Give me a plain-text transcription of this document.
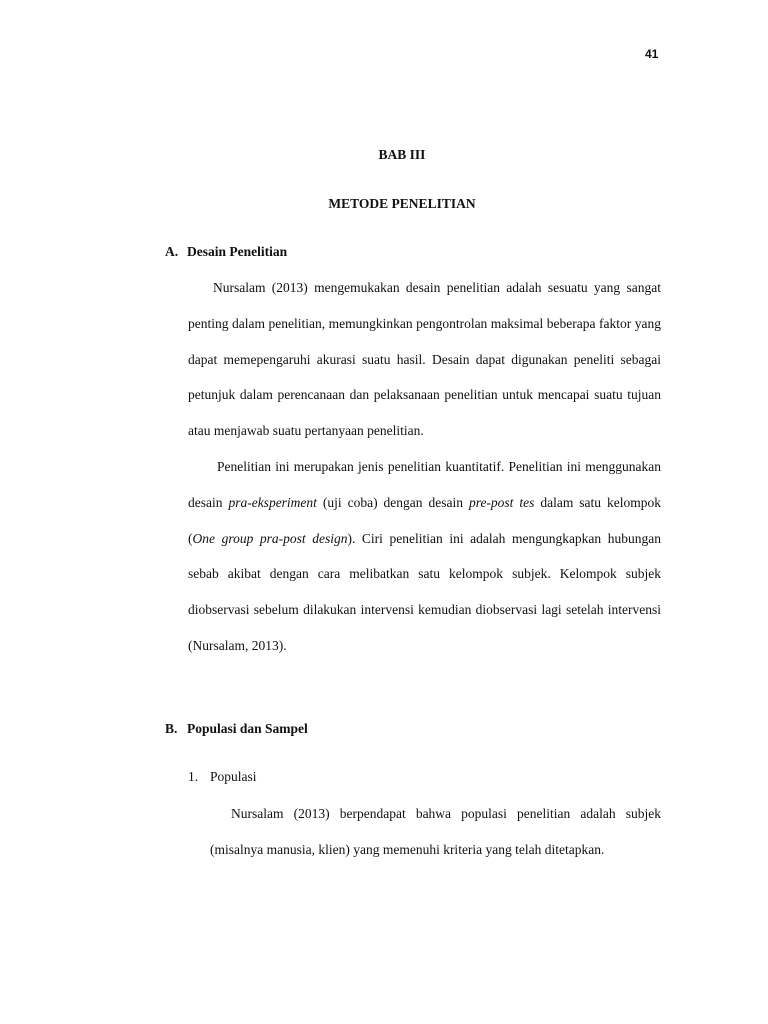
41
BAB III
METODE PENELITIAN
A. Desain Penelitian

Nursalam (2013) mengemukakan desain penelitian adalah sesuatu yang sangat penting dalam penelitian, memungkinkan pengontrolan maksimal beberapa faktor yang dapat memepengaruhi akurasi suatu hasil. Desain dapat digunakan peneliti sebagai petunjuk dalam perencanaan dan pelaksanaan penelitian untuk mencapai suatu tujuan atau menjawab suatu pertanyaan penelitian.

Penelitian ini merupakan jenis penelitian kuantitatif. Penelitian ini menggunakan desain pra-eksperiment (uji coba) dengan desain pre-post tes dalam satu kelompok (One group pra-post design). Ciri penelitian ini adalah mengungkapkan hubungan sebab akibat dengan cara melibatkan satu kelompok subjek. Kelompok subjek diobservasi sebelum dilakukan intervensi kemudian diobservasi lagi setelah intervensi (Nursalam, 2013).

B. Populasi dan Sampel
1. Populasi

Nursalam (2013) berpendapat bahwa populasi penelitian adalah subjek (misalnya manusia, klien) yang memenuhi kriteria yang telah ditetapkan.
